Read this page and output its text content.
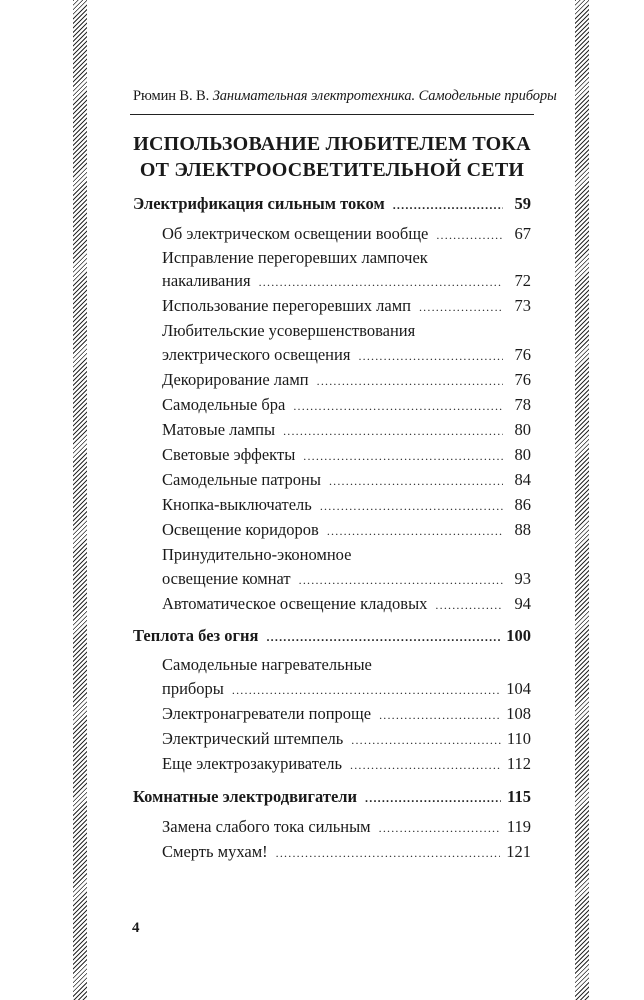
Рюмин В. В. Занимательная электротехника. Самодельные приборы
ИСПОЛЬЗОВАНИЕ ЛЮБИТЕЛЕМ ТОКА
ОТ ЭЛЕКТРООСВЕТИТЕЛЬНОЙ СЕТИ
Электрификация сильным током .....	59
Об электрическом освещении вообще .....	67
Исправление перегоревших лампочек
накаливания .....	72
Использование перегоревших ламп .....	73
Любительские усовершенствования
электрического освещения .....	76
Декорирование ламп .....	76
Самодельные бра .....	78
Матовые лампы .....	80
Световые эффекты .....	80
Самодельные патроны .....	84
Кнопка-выключатель .....	86
Освещение коридоров .....	88
Принудительно-экономное
освещение комнат .....	93
Автоматическое освещение кладовых .....	94
Теплота без огня .....	100
Самодельные нагревательные
приборы .....	104
Электронагреватели попроще .....	108
Электрический штемпель .....	110
Еще электрозакуриватель .....	112
Комнатные электродвигатели .....	115
Замена слабого тока сильным .....	119
Смерть мухам! .....	121
4
